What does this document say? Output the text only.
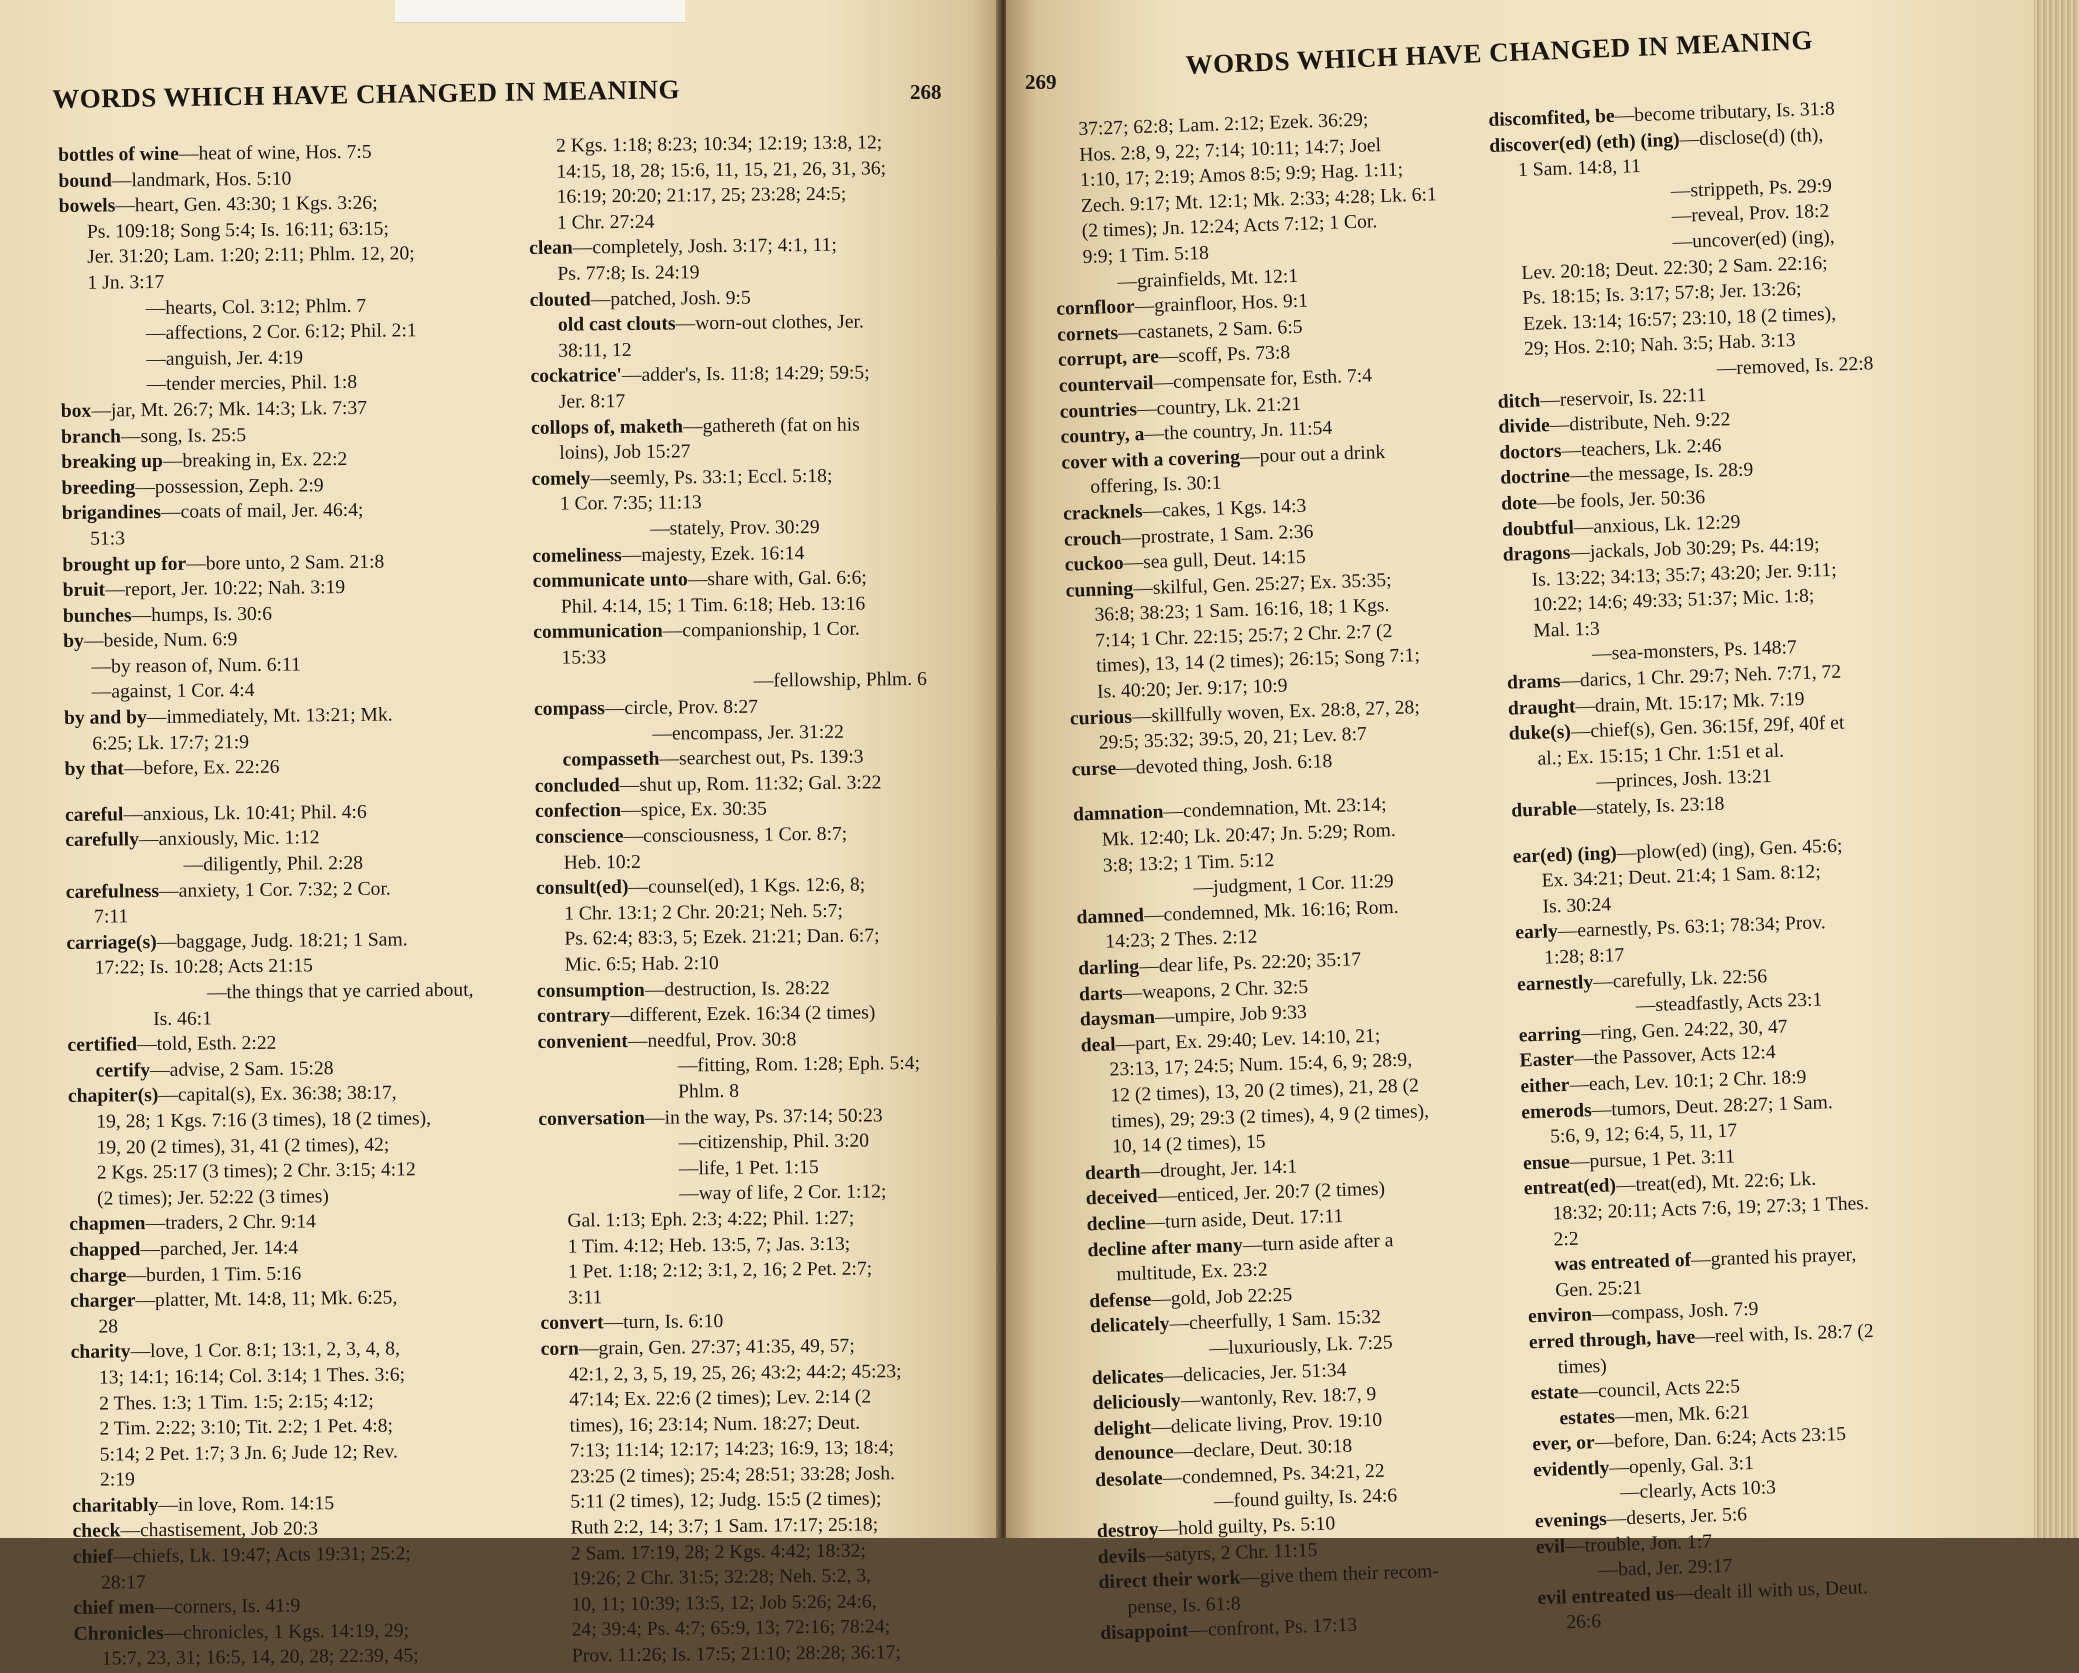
WORDS WHICH HAVE CHANGED IN MEANING	268
bottles of wine—heat of wine, Hos. 7:5
bound—landmark, Hos. 5:10
bowels—heart, Gen. 43:30; 1 Kgs. 3:26;
Ps. 109:18; Song 5:4; Is. 16:11; 63:15;
Jer. 31:20; Lam. 1:20; 2:11; Phlm. 12, 20;
1 Jn. 3:17
—hearts, Col. 3:12; Phlm. 7
—affections, 2 Cor. 6:12; Phil. 2:1
—anguish, Jer. 4:19
—tender mercies, Phil. 1:8
box—jar, Mt. 26:7; Mk. 14:3; Lk. 7:37
branch—song, Is. 25:5
breaking up—breaking in, Ex. 22:2
breeding—possession, Zeph. 2:9
brigandines—coats of mail, Jer. 46:4;
51:3
brought up for—bore unto, 2 Sam. 21:8
bruit—report, Jer. 10:22; Nah. 3:19
bunches—humps, Is. 30:6
by—beside, Num. 6:9
—by reason of, Num. 6:11
—against, 1 Cor. 4:4
by and by—immediately, Mt. 13:21; Mk.
6:25; Lk. 17:7; 21:9
by that—before, Ex. 22:26
careful—anxious, Lk. 10:41; Phil. 4:6
carefully—anxiously, Mic. 1:12
—diligently, Phil. 2:28
carefulness—anxiety, 1 Cor. 7:32; 2 Cor.
7:11
carriage(s)—baggage, Judg. 18:21; 1 Sam.
17:22; Is. 10:28; Acts 21:15
—the things that ye carried about,
Is. 46:1
certified—told, Esth. 2:22
certify—advise, 2 Sam. 15:28
chapiter(s)—capital(s), Ex. 36:38; 38:17,
19, 28; 1 Kgs. 7:16 (3 times), 18 (2 times),
19, 20 (2 times), 31, 41 (2 times), 42;
2 Kgs. 25:17 (3 times); 2 Chr. 3:15; 4:12
(2 times); Jer. 52:22 (3 times)
chapmen—traders, 2 Chr. 9:14
chapped—parched, Jer. 14:4
charge—burden, 1 Tim. 5:16
charger—platter, Mt. 14:8, 11; Mk. 6:25,
28
charity—love, 1 Cor. 8:1; 13:1, 2, 3, 4, 8,
13; 14:1; 16:14; Col. 3:14; 1 Thes. 3:6;
2 Thes. 1:3; 1 Tim. 1:5; 2:15; 4:12;
2 Tim. 2:22; 3:10; Tit. 2:2; 1 Pet. 4:8;
5:14; 2 Pet. 1:7; 3 Jn. 6; Jude 12; Rev.
2:19
charitably—in love, Rom. 14:15
check—chastisement, Job 20:3
chief—chiefs, Lk. 19:47; Acts 19:31; 25:2;
28:17
chief men—corners, Is. 41:9
Chronicles—chronicles, 1 Kgs. 14:19, 29;
15:7, 23, 31; 16:5, 14, 20, 28; 22:39, 45;
2 Kgs. 1:18; 8:23; 10:34; 12:19; 13:8, 12;
14:15, 18, 28; 15:6, 11, 15, 21, 26, 31, 36;
16:19; 20:20; 21:17, 25; 23:28; 24:5;
1 Chr. 27:24
clean—completely, Josh. 3:17; 4:1, 11;
Ps. 77:8; Is. 24:19
clouted—patched, Josh. 9:5
old cast clouts—worn-out clothes, Jer.
38:11, 12
cockatrice'—adder's, Is. 11:8; 14:29; 59:5;
Jer. 8:17
collops of, maketh—gathereth (fat on his
loins), Job 15:27
comely—seemly, Ps. 33:1; Eccl. 5:18;
1 Cor. 7:35; 11:13
—stately, Prov. 30:29
comeliness—majesty, Ezek. 16:14
communicate unto—share with, Gal. 6:6;
Phil. 4:14, 15; 1 Tim. 6:18; Heb. 13:16
communication—companionship, 1 Cor.
15:33
—fellowship, Phlm. 6
compass—circle, Prov. 8:27
—encompass, Jer. 31:22
compasseth—searchest out, Ps. 139:3
concluded—shut up, Rom. 11:32; Gal. 3:22
confection—spice, Ex. 30:35
conscience—consciousness, 1 Cor. 8:7;
Heb. 10:2
consult(ed)—counsel(ed), 1 Kgs. 12:6, 8;
1 Chr. 13:1; 2 Chr. 20:21; Neh. 5:7;
Ps. 62:4; 83:3, 5; Ezek. 21:21; Dan. 6:7;
Mic. 6:5; Hab. 2:10
consumption—destruction, Is. 28:22
contrary—different, Ezek. 16:34 (2 times)
convenient—needful, Prov. 30:8
—fitting, Rom. 1:28; Eph. 5:4;
Phlm. 8
conversation—in the way, Ps. 37:14; 50:23
—citizenship, Phil. 3:20
—life, 1 Pet. 1:15
—way of life, 2 Cor. 1:12;
Gal. 1:13; Eph. 2:3; 4:22; Phil. 1:27;
1 Tim. 4:12; Heb. 13:5, 7; Jas. 3:13;
1 Pet. 1:18; 2:12; 3:1, 2, 16; 2 Pet. 2:7;
3:11
convert—turn, Is. 6:10
corn—grain, Gen. 27:37; 41:35, 49, 57;
42:1, 2, 3, 5, 19, 25, 26; 43:2; 44:2; 45:23;
47:14; Ex. 22:6 (2 times); Lev. 2:14 (2
times), 16; 23:14; Num. 18:27; Deut.
7:13; 11:14; 12:17; 14:23; 16:9, 13; 18:4;
23:25 (2 times); 25:4; 28:51; 33:28; Josh.
5:11 (2 times), 12; Judg. 15:5 (2 times);
Ruth 2:2, 14; 3:7; 1 Sam. 17:17; 25:18;
2 Sam. 17:19, 28; 2 Kgs. 4:42; 18:32;
19:26; 2 Chr. 31:5; 32:28; Neh. 5:2, 3,
10, 11; 10:39; 13:5, 12; Job 5:26; 24:6,
24; 39:4; Ps. 4:7; 65:9, 13; 72:16; 78:24;
Prov. 11:26; Is. 17:5; 21:10; 28:28; 36:17;
WORDS WHICH HAVE CHANGED IN MEANING
269
37:27; 62:8; Lam. 2:12; Ezek. 36:29;
Hos. 2:8, 9, 22; 7:14; 10:11; 14:7; Joel
1:10, 17; 2:19; Amos 8:5; 9:9; Hag. 1:11;
Zech. 9:17; Mt. 12:1; Mk. 2:33; 4:28; Lk. 6:1
(2 times); Jn. 12:24; Acts 7:12; 1 Cor.
9:9; 1 Tim. 5:18
—grainfields, Mt. 12:1
cornfloor—grainfloor, Hos. 9:1
cornets—castanets, 2 Sam. 6:5
corrupt, are—scoff, Ps. 73:8
countervail—compensate for, Esth. 7:4
countries—country, Lk. 21:21
country, a—the country, Jn. 11:54
cover with a covering—pour out a drink
offering, Is. 30:1
cracknels—cakes, 1 Kgs. 14:3
crouch—prostrate, 1 Sam. 2:36
cuckoo—sea gull, Deut. 14:15
cunning—skilful, Gen. 25:27; Ex. 35:35;
36:8; 38:23; 1 Sam. 16:16, 18; 1 Kgs.
7:14; 1 Chr. 22:15; 25:7; 2 Chr. 2:7 (2
times), 13, 14 (2 times); 26:15; Song 7:1;
Is. 40:20; Jer. 9:17; 10:9
curious—skillfully woven, Ex. 28:8, 27, 28;
29:5; 35:32; 39:5, 20, 21; Lev. 8:7
curse—devoted thing, Josh. 6:18
damnation—condemnation, Mt. 23:14;
Mk. 12:40; Lk. 20:47; Jn. 5:29; Rom.
3:8; 13:2; 1 Tim. 5:12
—judgment, 1 Cor. 11:29
damned—condemned, Mk. 16:16; Rom.
14:23; 2 Thes. 2:12
darling—dear life, Ps. 22:20; 35:17
darts—weapons, 2 Chr. 32:5
daysman—umpire, Job 9:33
deal—part, Ex. 29:40; Lev. 14:10, 21;
23:13, 17; 24:5; Num. 15:4, 6, 9; 28:9,
12 (2 times), 13, 20 (2 times), 21, 28 (2
times), 29; 29:3 (2 times), 4, 9 (2 times),
10, 14 (2 times), 15
dearth—drought, Jer. 14:1
deceived—enticed, Jer. 20:7 (2 times)
decline—turn aside, Deut. 17:11
decline after many—turn aside after a
multitude, Ex. 23:2
defense—gold, Job 22:25
delicately—cheerfully, 1 Sam. 15:32
—luxuriously, Lk. 7:25
delicates—delicacies, Jer. 51:34
deliciously—wantonly, Rev. 18:7, 9
delight—delicate living, Prov. 19:10
denounce—declare, Deut. 30:18
desolate—condemned, Ps. 34:21, 22
—found guilty, Is. 24:6
destroy—hold guilty, Ps. 5:10
devils—satyrs, 2 Chr. 11:15
direct their work—give them their recom-
pense, Is. 61:8
disappoint—confront, Ps. 17:13
discomfited, be—become tributary, Is. 31:8
discover(ed) (eth) (ing)—disclose(d) (th),
1 Sam. 14:8, 11
—strippeth, Ps. 29:9
—reveal, Prov. 18:2
—uncover(ed) (ing),
Lev. 20:18; Deut. 22:30; 2 Sam. 22:16;
Ps. 18:15; Is. 3:17; 57:8; Jer. 13:26;
Ezek. 13:14; 16:57; 23:10, 18 (2 times),
29; Hos. 2:10; Nah. 3:5; Hab. 3:13
—removed, Is. 22:8
ditch—reservoir, Is. 22:11
divide—distribute, Neh. 9:22
doctors—teachers, Lk. 2:46
doctrine—the message, Is. 28:9
dote—be fools, Jer. 50:36
doubtful—anxious, Lk. 12:29
dragons—jackals, Job 30:29; Ps. 44:19;
Is. 13:22; 34:13; 35:7; 43:20; Jer. 9:11;
10:22; 14:6; 49:33; 51:37; Mic. 1:8;
Mal. 1:3
—sea-monsters, Ps. 148:7
drams—darics, 1 Chr. 29:7; Neh. 7:71, 72
draught—drain, Mt. 15:17; Mk. 7:19
duke(s)—chief(s), Gen. 36:15f, 29f, 40f et
al.; Ex. 15:15; 1 Chr. 1:51 et al.
—princes, Josh. 13:21
durable—stately, Is. 23:18
ear(ed) (ing)—plow(ed) (ing), Gen. 45:6;
Ex. 34:21; Deut. 21:4; 1 Sam. 8:12;
Is. 30:24
early—earnestly, Ps. 63:1; 78:34; Prov.
1:28; 8:17
earnestly—carefully, Lk. 22:56
—steadfastly, Acts 23:1
earring—ring, Gen. 24:22, 30, 47
Easter—the Passover, Acts 12:4
either—each, Lev. 10:1; 2 Chr. 18:9
emerods—tumors, Deut. 28:27; 1 Sam.
5:6, 9, 12; 6:4, 5, 11, 17
ensue—pursue, 1 Pet. 3:11
entreat(ed)—treat(ed), Mt. 22:6; Lk.
18:32; 20:11; Acts 7:6, 19; 27:3; 1 Thes.
2:2
was entreated of—granted his prayer,
Gen. 25:21
environ—compass, Josh. 7:9
erred through, have—reel with, Is. 28:7 (2
times)
estate—council, Acts 22:5
estates—men, Mk. 6:21
ever, or—before, Dan. 6:24; Acts 23:15
evidently—openly, Gal. 3:1
—clearly, Acts 10:3
evenings—deserts, Jer. 5:6
evil—trouble, Jon. 1:7
—bad, Jer. 29:17
evil entreated us—dealt ill with us, Deut.
26:6
